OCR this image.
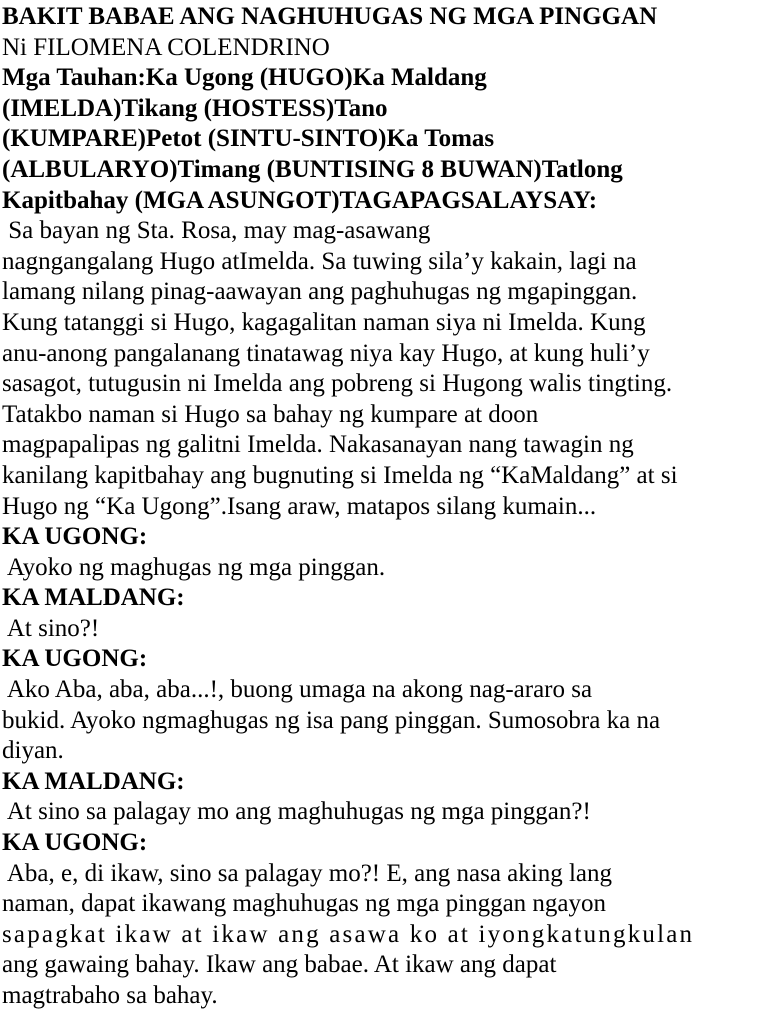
BAKIT BABAE ANG NAGHUHUGAS NG MGA PINGGAN
Ni FILOMENA COLENDRINO
Mga Tauhan:Ka Ugong (HUGO)Ka Maldang
(IMELDA)Tikang (HOSTESS)Tano
(KUMPARE)Petot (SINTU-SINTO)Ka Tomas
(ALBULARYO)Timang (BUNTISING 8 BUWAN)Tatlong
Kapitbahay (MGA ASUNGOT)TAGAPAGSALAYSAY:
Sa bayan ng Sta. Rosa, may mag-asawang
nagngangalang Hugo atImelda. Sa tuwing sila’y kakain, lagi na
lamang nilang pinag-aawayan ang paghuhugas ng mgapinggan.
Kung tatanggi si Hugo, kagagalitan naman siya ni Imelda. Kung
anu-anong pangalanang tinatawag niya kay Hugo, at kung huli’y
sasagot, tutugusin ni Imelda ang pobreng si Hugong walis tingting.
Tatakbo naman si Hugo sa bahay ng kumpare at doon
magpapalipas ng galitni Imelda. Nakasanayan nang tawagin ng
kanilang kapitbahay ang bugnuting si Imelda ng “KaMaldang” at si
Hugo ng “Ka Ugong”.Isang araw, matapos silang kumain...
KA UGONG:
Ayoko ng maghugas ng mga pinggan.
KA MALDANG:
At sino?!
KA UGONG:
Ako Aba, aba, aba...!, buong umaga na akong nag-araro sa
bukid. Ayoko ngmaghugas ng isa pang pinggan. Sumosobra ka na
diyan.
KA MALDANG:
At sino sa palagay mo ang maghuhugas ng mga pinggan?!
KA UGONG:
Aba, e, di ikaw, sino sa palagay mo?! E, ang nasa aking lang
naman, dapat ikawang maghuhugas ng mga pinggan ngayon
sapagkat ikaw at ikaw ang asawa ko at iyongkatungkulan
ang gawaing bahay. Ikaw ang babae. At ikaw ang dapat
magtrabaho sa bahay.
